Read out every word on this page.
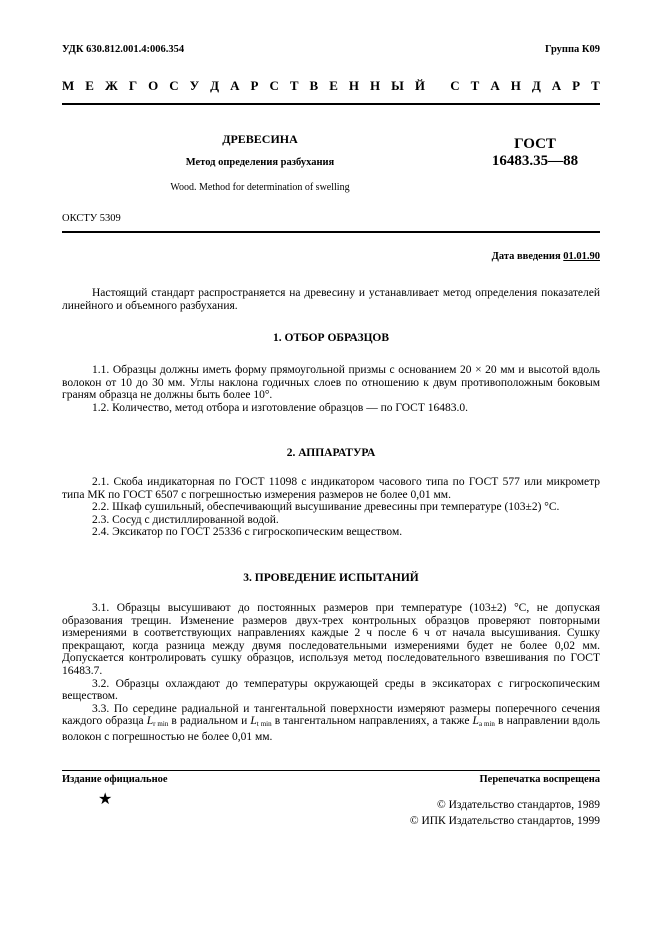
УДК 630.812.001.4:006.354	Группа К09
М Е Ж Г О С У Д А Р С Т В Е Н Н Ы Й
С Т А Н Д А Р Т
ДРЕВЕСИНА
Метод определения разбухания
Wood. Method for determination of swelling
ГОСТ
16483.35—88
ОКСТУ 5309
Дата введения 01.01.90

Настоящий стандарт распространяется на древесину и устанавливает метод определения показателей линейного и объемного разбухания.

1. ОТБОР ОБРАЗЦОВ

1.1. Образцы должны иметь форму прямоугольной призмы с основанием 20 × 20 мм и высотой вдоль волокон от 10 до 30 мм. Углы наклона годичных слоев по отношению к двум противоположным боковым граням образца не должны быть более 10°.

1.2. Количество, метод отбора и изготовление образцов — по ГОСТ 16483.0.

2. АППАРАТУРА

2.1. Скоба индикаторная по ГОСТ 11098 с индикатором часового типа по ГОСТ 577 или микрометр типа МК по ГОСТ 6507 с погрешностью измерения размеров не более 0,01 мм.

2.2. Шкаф сушильный, обеспечивающий высушивание древесины при температуре (103±2) °С.

2.3. Сосуд с дистиллированной водой.

2.4. Эксикатор по ГОСТ 25336 с гигроскопическим веществом.

3. ПРОВЕДЕНИЕ ИСПЫТАНИЙ

3.1. Образцы высушивают до постоянных размеров при температуре (103±2) °С, не допуская образования трещин. Изменение размеров двух-трех контрольных образцов проверяют повторными измерениями в соответствующих направлениях каждые 2 ч после 6 ч от начала высушивания. Сушку прекращают, когда разница между двумя последовательными измерениями будет не более 0,02 мм. Допускается контролировать сушку образцов, используя метод последовательного взвешивания по ГОСТ 16483.7.

3.2. Образцы охлаждают до температуры окружающей среды в эксикаторах с гигроскопическим веществом.

3.3. По середине радиальной и тангентальной поверхности измеряют размеры поперечного сечения каждого образца $L_{r min}$ в радиальном и $L_{t min}$ в тангентальном направлениях, а также $L_{a min}$ в направлении вдоль волокон с погрешностью не более 0,01 мм.

Издание официальное	Перепечатка воспрещена
★	© Издательство стандартов, 1989
© ИПК Издательство стандартов, 1999
